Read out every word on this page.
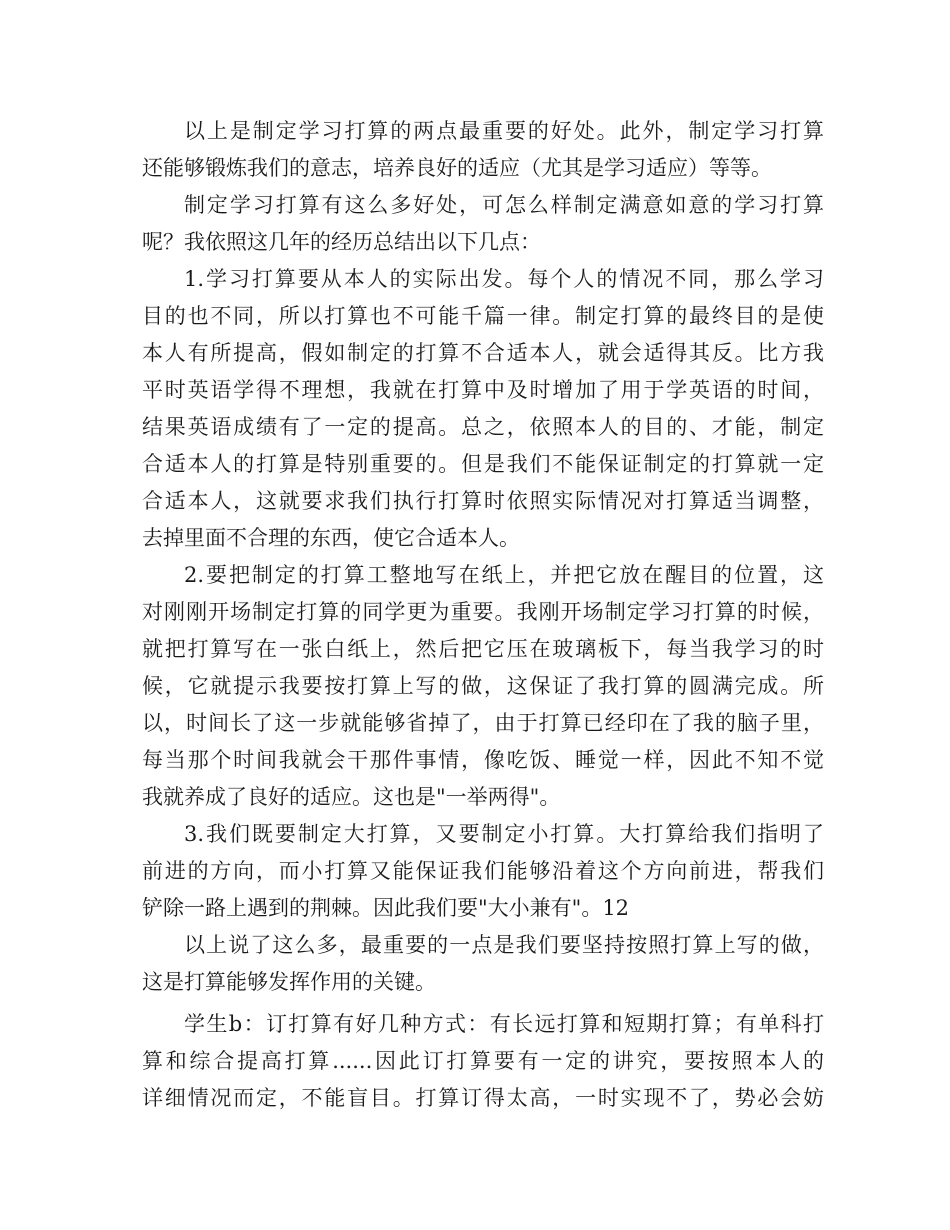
以上是制定学习打算的两点最重要的好处。此外，制定学习打算
还能够锻炼我们的意志，培养良好的适应（尤其是学习适应）等等。
制定学习打算有这么多好处，可怎么样制定满意如意的学习打算
呢？我依照这几年的经历总结出以下几点：
1.学习打算要从本人的实际出发。每个人的情况不同，那么学习
目的也不同，所以打算也不可能千篇一律。制定打算的最终目的是使
本人有所提高，假如制定的打算不合适本人，就会适得其反。比方我
平时英语学得不理想，我就在打算中及时增加了用于学英语的时间，
结果英语成绩有了一定的提高。总之，依照本人的目的、才能，制定
合适本人的打算是特别重要的。但是我们不能保证制定的打算就一定
合适本人，这就要求我们执行打算时依照实际情况对打算适当调整，
去掉里面不合理的东西，使它合适本人。
2.要把制定的打算工整地写在纸上，并把它放在醒目的位置，这
对刚刚开场制定打算的同学更为重要。我刚开场制定学习打算的时候，
就把打算写在一张白纸上，然后把它压在玻璃板下，每当我学习的时
候，它就提示我要按打算上写的做，这保证了我打算的圆满完成。所
以，时间长了这一步就能够省掉了，由于打算已经印在了我的脑子里，
每当那个时间我就会干那件事情，像吃饭、睡觉一样，因此不知不觉
我就养成了良好的适应。这也是"一举两得"。
3.我们既要制定大打算，又要制定小打算。大打算给我们指明了
前进的方向，而小打算又能保证我们能够沿着这个方向前进，帮我们
铲除一路上遇到的荆棘。因此我们要"大小兼有"。12
以上说了这么多，最重要的一点是我们要坚持按照打算上写的做，
这是打算能够发挥作用的关键。
学生b：订打算有好几种方式：有长远打算和短期打算；有单科打
算和综合提高打算......因此订打算要有一定的讲究，要按照本人的
详细情况而定，不能盲目。打算订得太高，一时实现不了，势必会妨
